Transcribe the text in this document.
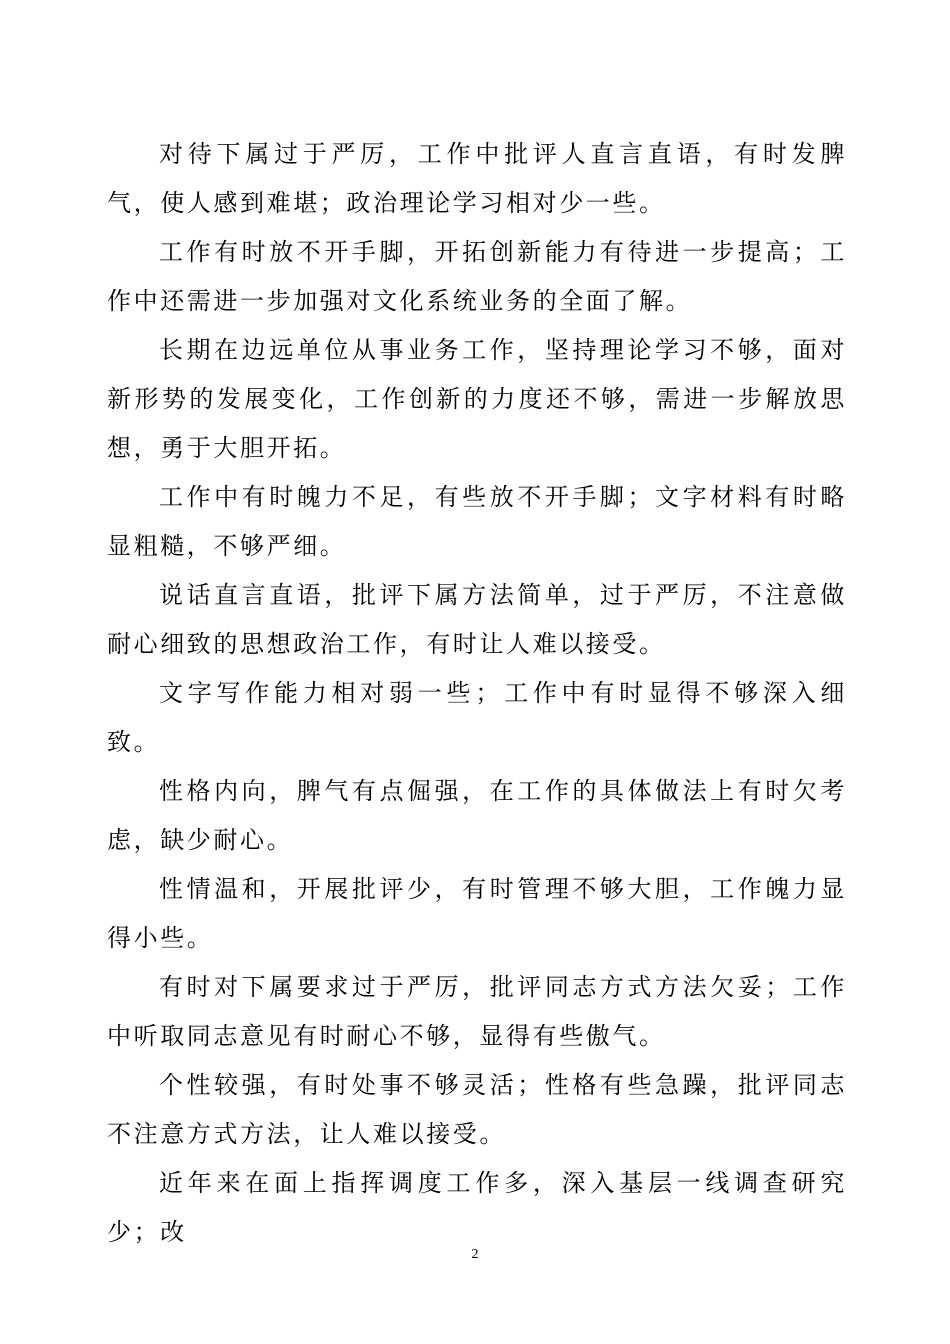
对待下属过于严厉，工作中批评人直言直语，有时发脾气，使人感到难堪；政治理论学习相对少一些。

工作有时放不开手脚，开拓创新能力有待进一步提高；工作中还需进一步加强对文化系统业务的全面了解。

长期在边远单位从事业务工作，坚持理论学习不够，面对新形势的发展变化，工作创新的力度还不够，需进一步解放思想，勇于大胆开拓。

工作中有时魄力不足，有些放不开手脚；文字材料有时略显粗糙，不够严细。

说话直言直语，批评下属方法简单，过于严厉，不注意做耐心细致的思想政治工作，有时让人难以接受。

文字写作能力相对弱一些；工作中有时显得不够深入细致。

性格内向，脾气有点倔强，在工作的具体做法上有时欠考虑，缺少耐心。

性情温和，开展批评少，有时管理不够大胆，工作魄力显得小些。

有时对下属要求过于严厉，批评同志方式方法欠妥；工作中听取同志意见有时耐心不够，显得有些傲气。

个性较强，有时处事不够灵活；性格有些急躁，批评同志不注意方式方法，让人难以接受。

近年来在面上指挥调度工作多，深入基层一线调查研究少；改

2
